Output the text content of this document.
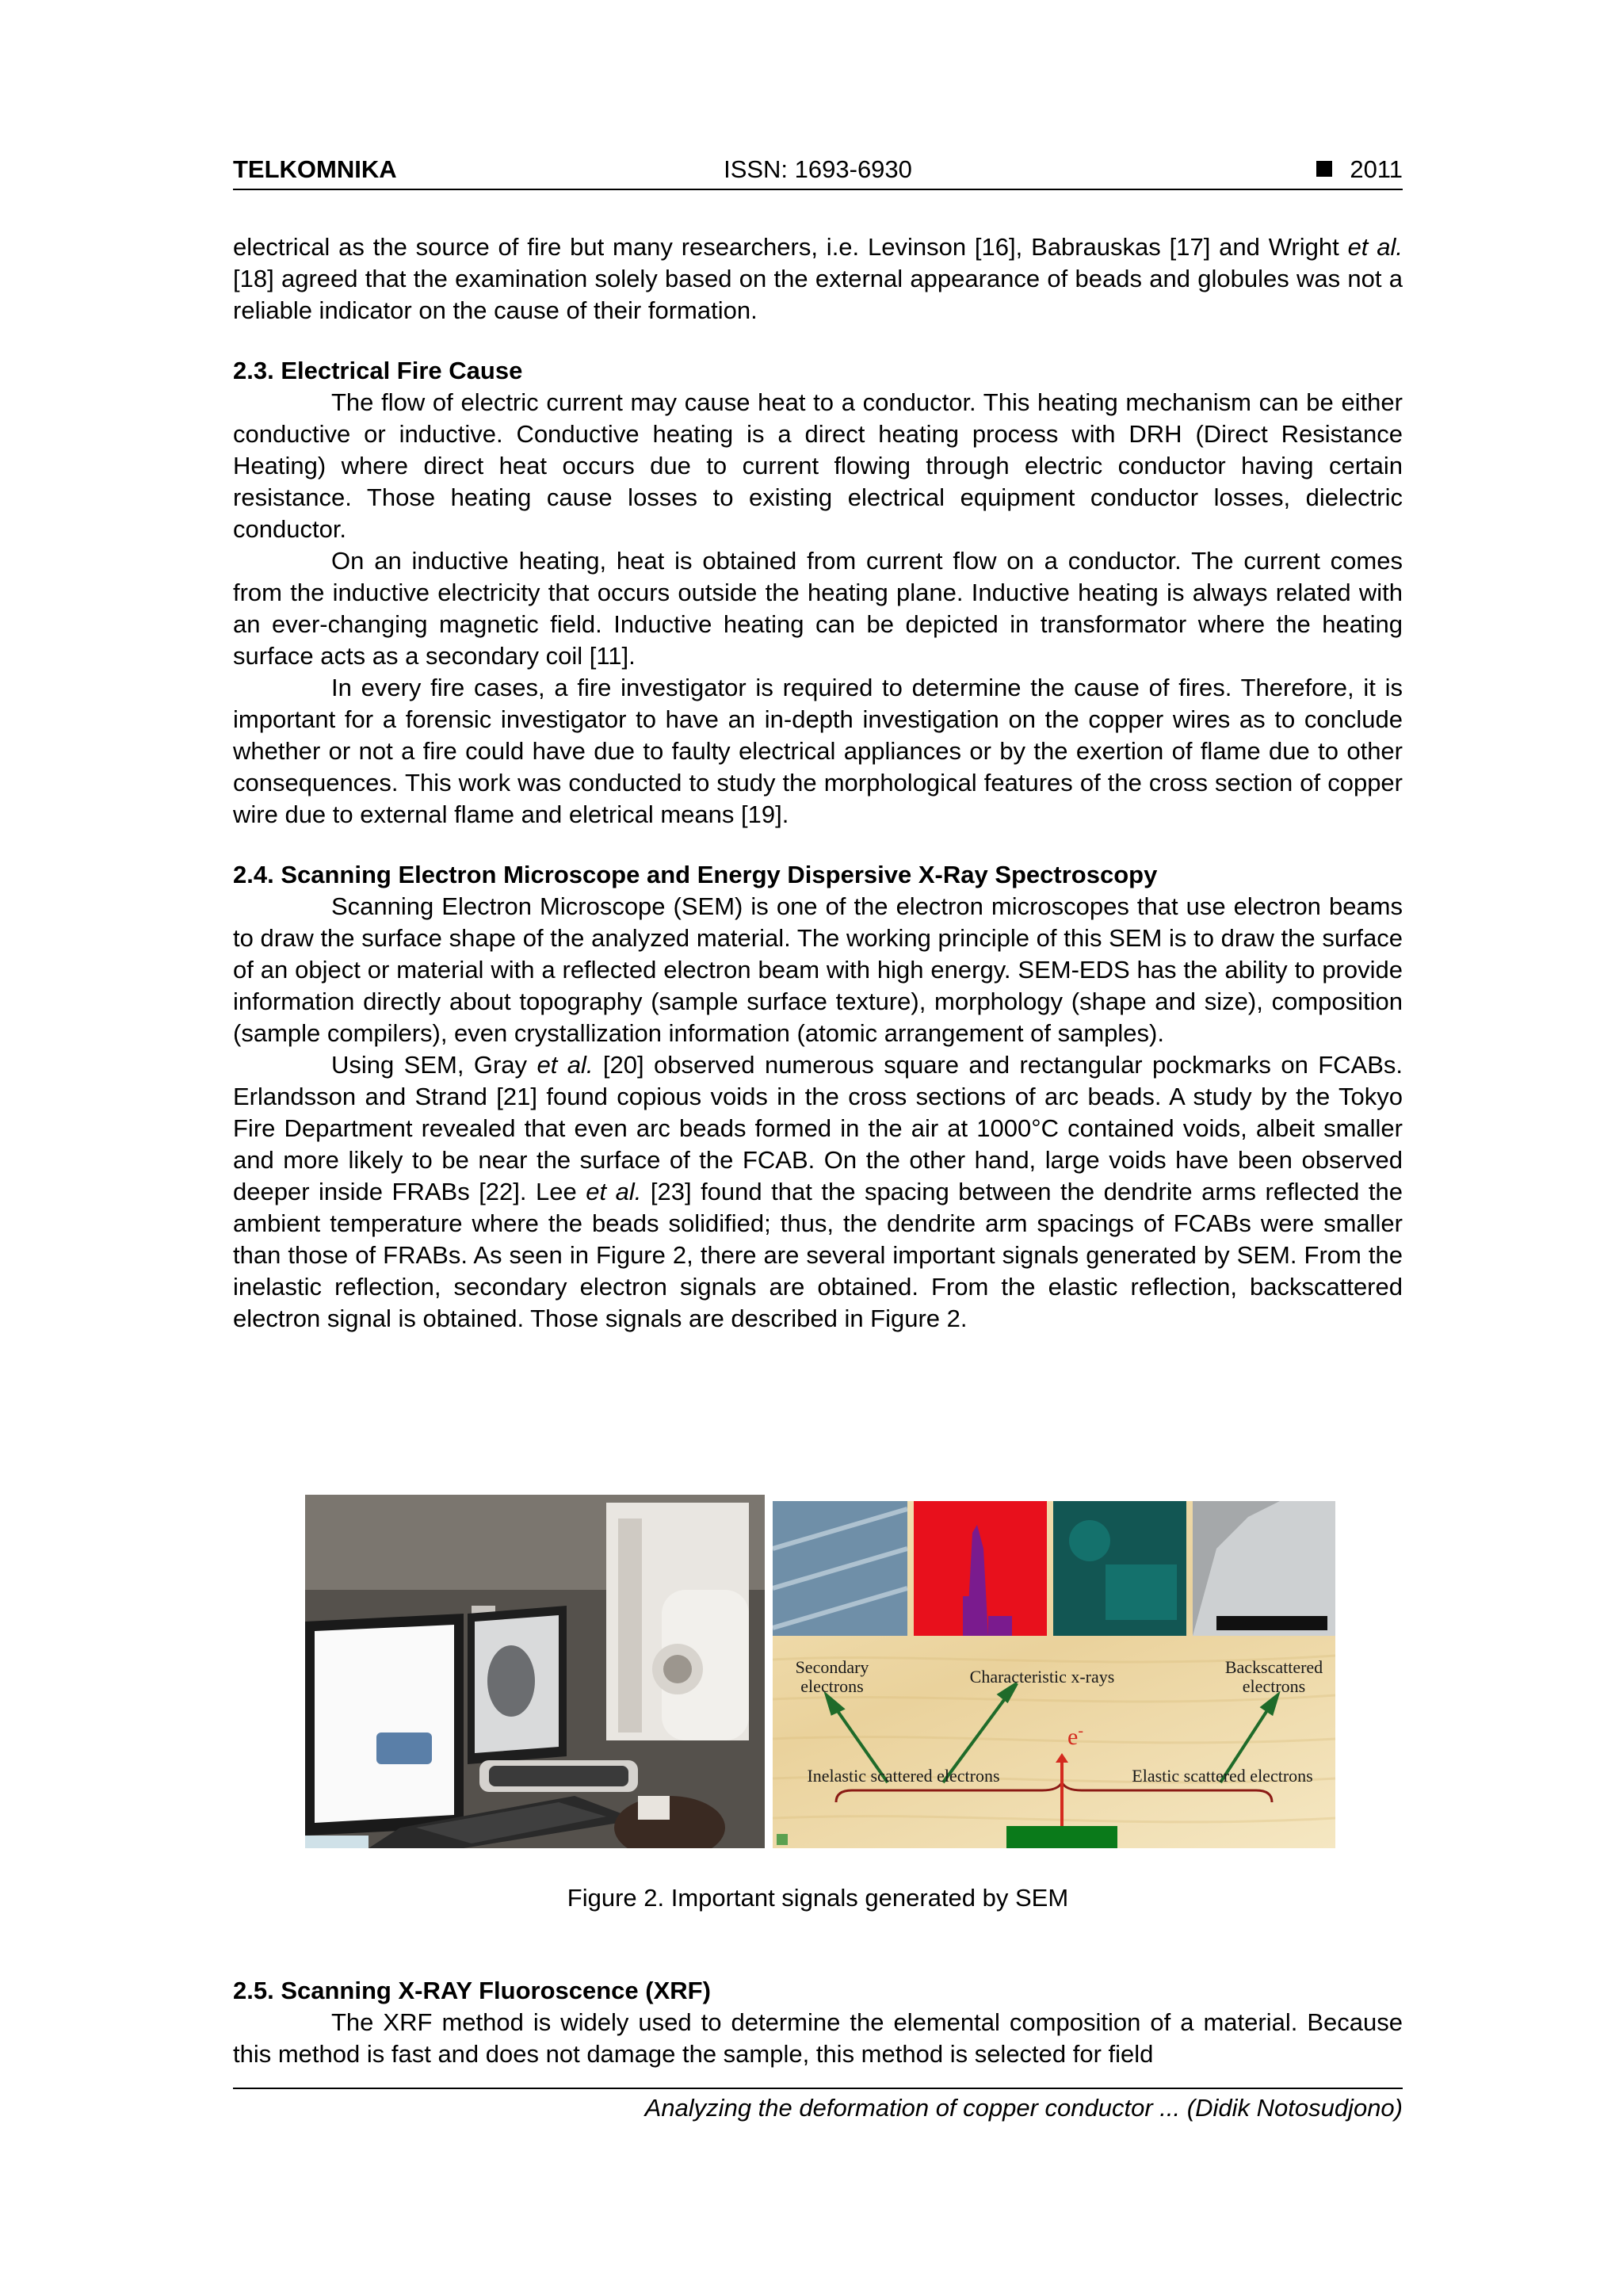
TELKOMNIKA	ISSN: 1693-6930	2011

electrical as the source of fire but many researchers, i.e. Levinson [16], Babrauskas [17] and Wright et al. [18] agreed that the examination solely based on the external appearance of beads and globules was not a reliable indicator on the cause of their formation.

2.3. Electrical Fire Cause

The flow of electric current may cause heat to a conductor. This heating mechanism can be either conductive or inductive. Conductive heating is a direct heating process with DRH (Direct Resistance Heating) where direct heat occurs due to current flowing through electric conductor having certain resistance. Those heating cause losses to existing electrical equipment conductor losses, dielectric conductor.

On an inductive heating, heat is obtained from current flow on a conductor. The current comes from the inductive electricity that occurs outside the heating plane. Inductive heating is always related with an ever-changing magnetic field. Inductive heating can be depicted in transformator where the heating surface acts as a secondary coil [11].

In every fire cases, a fire investigator is required to determine the cause of fires. Therefore, it is important for a forensic investigator to have an in-depth investigation on the copper wires as to conclude whether or not a fire could have due to faulty electrical appliances or by the exertion of flame due to other consequences. This work was conducted to study the morphological features of the cross section of copper wire due to external flame and eletrical means [19].

2.4. Scanning Electron Microscope and Energy Dispersive X-Ray Spectroscopy

Scanning Electron Microscope (SEM) is one of the electron microscopes that use electron beams to draw the surface shape of the analyzed material. The working principle of this SEM is to draw the surface of an object or material with a reflected electron beam with high energy. SEM-EDS has the ability to provide information directly about topography (sample surface texture), morphology (shape and size), composition (sample compilers), even crystallization information (atomic arrangement of samples).

Using SEM, Gray et al. [20] observed numerous square and rectangular pockmarks on FCABs. Erlandsson and Strand [21] found copious voids in the cross sections of arc beads. A study by the Tokyo Fire Department revealed that even arc beads formed in the air at 1000°C contained voids, albeit smaller and more likely to be near the surface of the FCAB. On the other hand, large voids have been observed deeper inside FRABs [22]. Lee et al. [23] found that the spacing between the dendrite arms reflected the ambient temperature where the beads solidified; thus, the dendrite arm spacings of FCABs were smaller than those of FRABs. As seen in Figure 2, there are several important signals generated by SEM. From the inelastic reflection, secondary electron signals are obtained. From the elastic reflection, backscattered electron signal is obtained. Those signals are described in Figure 2.

Secondary electrons	Characteristic x-rays	Backscattered electrons
e-
Inelastic scattered electrons	Elastic scattered electrons
Figure 2. Important signals generated by SEM

2.5. Scanning X-RAY Fluoroscence (XRF)

The XRF method is widely used to determine the elemental composition of a material. Because this method is fast and does not damage the sample, this method is selected for field

Analyzing the deformation of copper conductor ... (Didik Notosudjono)
